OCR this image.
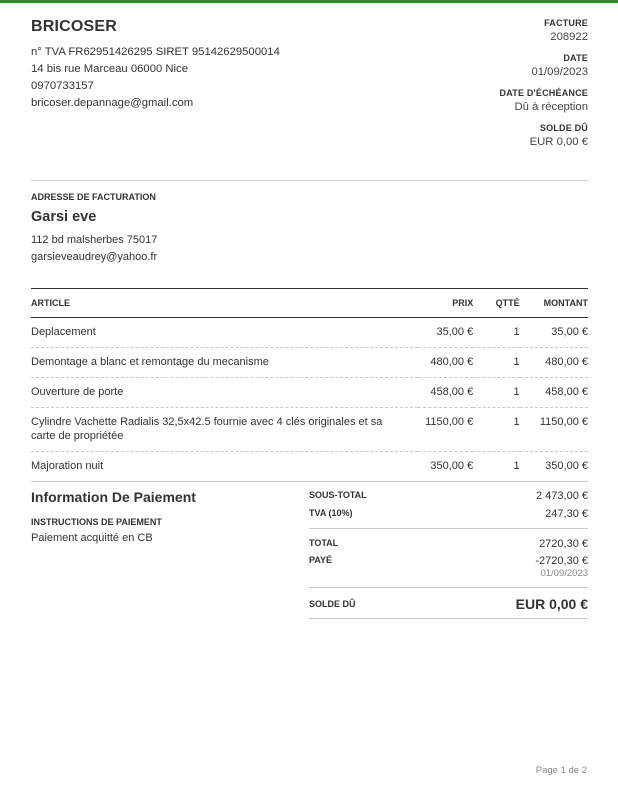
BRICOSER
n° TVA FR62951426295 SIRET 95142629500014
14 bis rue Marceau 06000 Nice
0970733157
bricoser.depannage@gmail.com
FACTURE
208922
DATE
01/09/2023
DATE D'ÉCHÉANCE
Dû à réception
SOLDE DÛ
EUR 0,00 €
ADRESSE DE FACTURATION
Garsi eve
112 bd malsherbes 75017
garsieveaudrey@yahoo.fr
ARTICLE	PRIX	QTTÉ	MONTANT
Deplacement	35,00 €	1	35,00 €
Demontage a blanc et remontage du mecanisme	480,00 €	1	480,00 €
Ouverture de porte	458,00 €	1	458,00 €
Cylindre Vachette Radialis 32,5x42.5 fournie avec 4 clés originales et sa carte de propriétée	1150,00 €	1	1150,00 €
Majoration nuit	350,00 €	1	350,00 €
Information De Paiement
INSTRUCTIONS DE PAIEMENT
Paiement acquitté en CB
SOUS-TOTAL	2 473,00 €
TVA (10%)	247,30 €
TOTAL	2720,30 €
PAYÉ	-2720,30 €
01/09/2023
SOLDE DÛ	EUR 0,00 €
Page 1 de 2
